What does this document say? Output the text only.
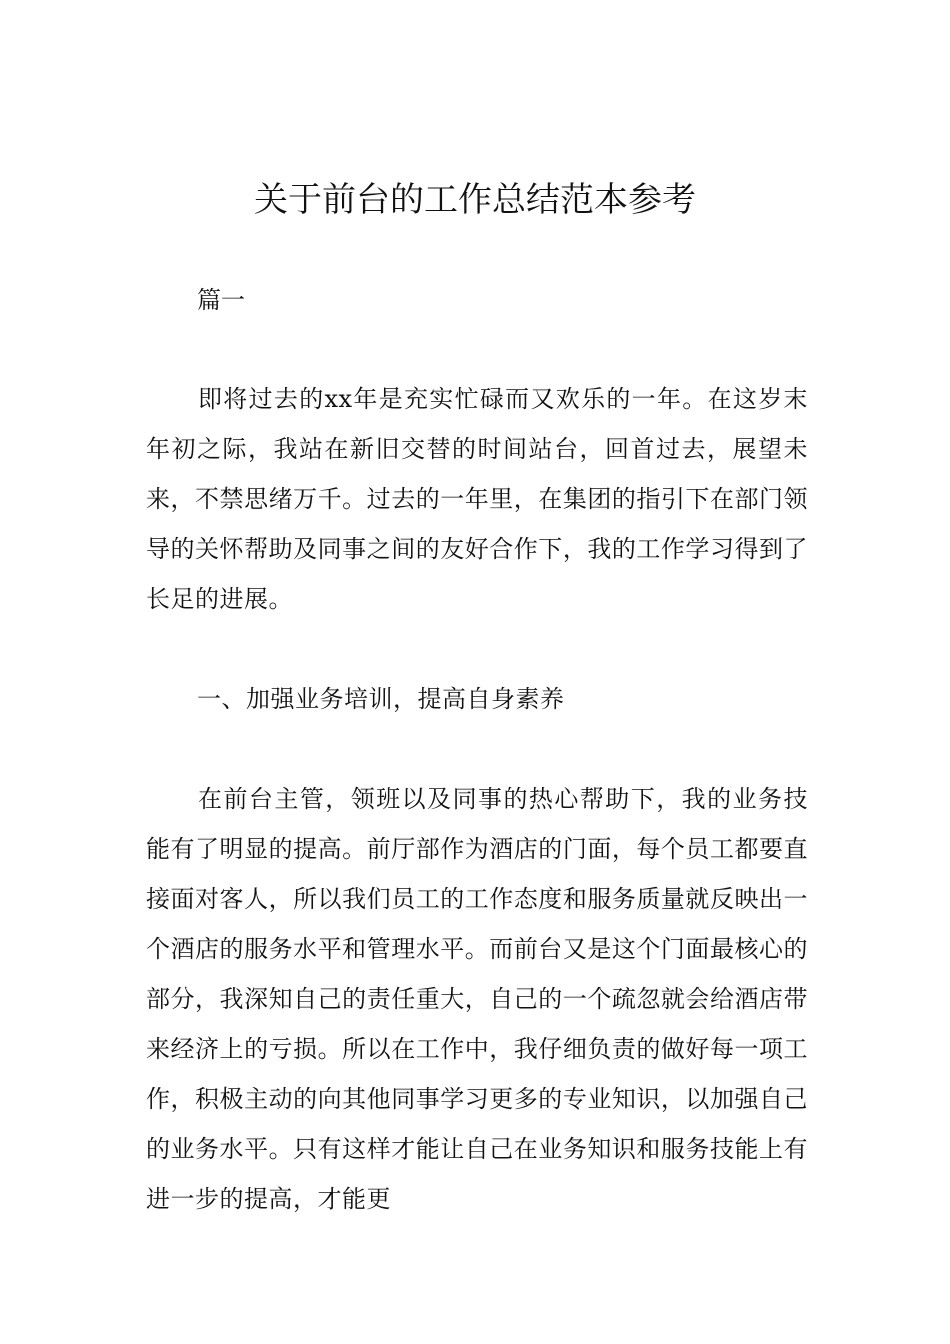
关于前台的工作总结范本参考

篇一

即将过去的xx年是充实忙碌而又欢乐的一年。在这岁末年初之际，我站在新旧交替的时间站台，回首过去，展望未来，不禁思绪万千。过去的一年里，在集团的指引下在部门领导的关怀帮助及同事之间的友好合作下，我的工作学习得到了长足的进展。

一、加强业务培训，提高自身素养

在前台主管，领班以及同事的热心帮助下，我的业务技能有了明显的提高。前厅部作为酒店的门面，每个员工都要直接面对客人，所以我们员工的工作态度和服务质量就反映出一个酒店的服务水平和管理水平。而前台又是这个门面最核心的部分，我深知自己的责任重大，自己的一个疏忽就会给酒店带来经济上的亏损。所以在工作中，我仔细负责的做好每一项工作，积极主动的向其他同事学习更多的专业知识，以加强自己的业务水平。只有这样才能让自己在业务知识和服务技能上有进一步的提高，才能更
